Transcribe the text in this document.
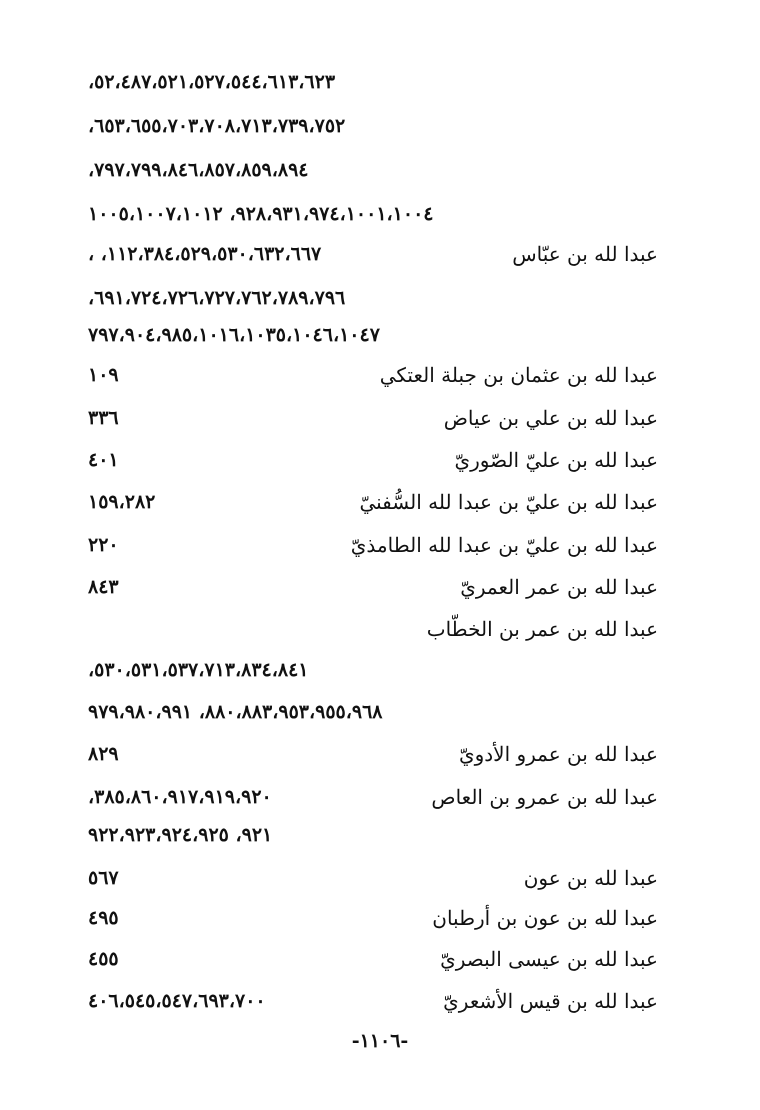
٥٢،٤٨٧،٥٢١،٥٢٧،٥٤٤،٦١٣،٦٢٣،
٦٥٣،٦٥٥،٧٠٣،٧٠٨،٧١٣،٧٣٩،٧٥٢،
٧٩٧،٧٩٩،٨٤٦،٨٥٧،٨٥٩،٨٩٤،
٩٢٨،٩٣١،٩٧٤،١٠٠١،١٠٠٤، ١٠٠٥،١٠٠٧،١٠١٢
عبدا لله بن عبّاس
١١٢،٣٨٤،٥٢٩،٥٣٠،٦٣٢،٦٦٧، ،
٦٩١،٧٢٤،٧٢٦،٧٢٧،٧٦٢،٧٨٩،٧٩٦،
٧٩٧،٩٠٤،٩٨٥،١٠١٦،١٠٣٥،١٠٤٦،١٠٤٧
عبدا لله بن عثمان بن جبلة العتكي
١٠٩
عبدا لله بن علي بن عياض
٣٣٦
عبدا لله بن عليّ الصّوريّ
٤٠١
عبدا لله بن عليّ بن عبدا لله السُّفنيّ
١٥٩،٢٨٢
عبدا لله بن عليّ بن عبدا لله الطامذيّ
٢٢٠
عبدا لله بن عمر العمريّ
٨٤٣
عبدا لله بن عمر بن الخطّاب
٥٣٠،٥٣١،٥٣٧،٧١٣،٨٣٤،٨٤١،
٨٨٠،٨٨٣،٩٥٣،٩٥٥،٩٦٨، ٩٧٩،٩٨٠،٩٩١
عبدا لله بن عمرو الأدويّ
٨٢٩
عبدا لله بن عمرو بن العاص
٣٨٥،٨٦٠،٩١٧،٩١٩،٩٢٠،
٩٢١، ٩٢٢،٩٢٣،٩٢٤،٩٢٥
عبدا لله بن عون
٥٦٧
عبدا لله بن عون بن أرطبان
٤٩٥
عبدا لله بن عيسى البصريّ
٤٥٥
عبدا لله بن قيس الأشعريّ
٤٠٦،٥٤٥،٥٤٧،٦٩٣،٧٠٠
-١١٠٦-
